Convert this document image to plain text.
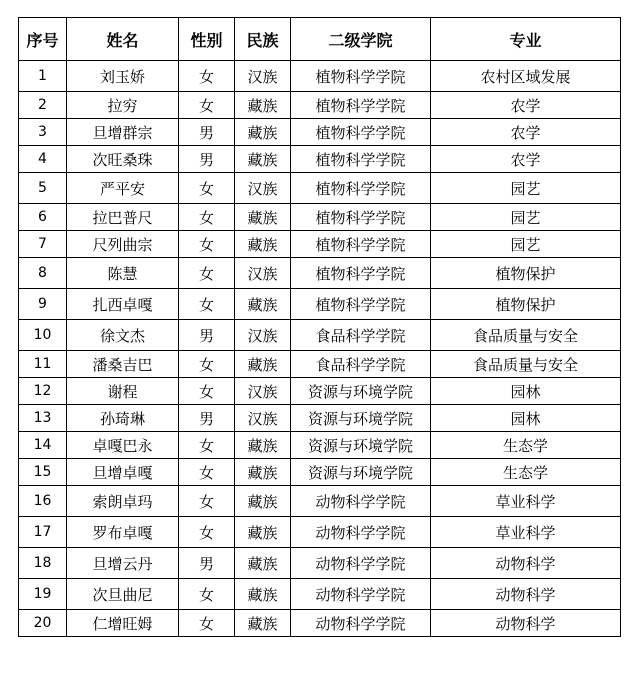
序号	姓名	性别	民族	二级学院	专业
1	刘玉娇	女	汉族	植物科学学院	农村区域发展
2	拉穷	女	藏族	植物科学学院	农学
3	旦增群宗	男	藏族	植物科学学院	农学
4	次旺桑珠	男	藏族	植物科学学院	农学
5	严平安	女	汉族	植物科学学院	园艺
6	拉巴普尺	女	藏族	植物科学学院	园艺
7	尺列曲宗	女	藏族	植物科学学院	园艺
8	陈慧	女	汉族	植物科学学院	植物保护
9	扎西卓嘎	女	藏族	植物科学学院	植物保护
10	徐文杰	男	汉族	食品科学学院	食品质量与安全
11	潘桑吉巴	女	藏族	食品科学学院	食品质量与安全
12	谢程	女	汉族	资源与环境学院	园林
13	孙琦琳	男	汉族	资源与环境学院	园林
14	卓嘎巴永	女	藏族	资源与环境学院	生态学
15	旦增卓嘎	女	藏族	资源与环境学院	生态学
16	索朗卓玛	女	藏族	动物科学学院	草业科学
17	罗布卓嘎	女	藏族	动物科学学院	草业科学
18	旦增云丹	男	藏族	动物科学学院	动物科学
19	次旦曲尼	女	藏族	动物科学学院	动物科学
20	仁增旺姆	女	藏族	动物科学学院	动物科学
